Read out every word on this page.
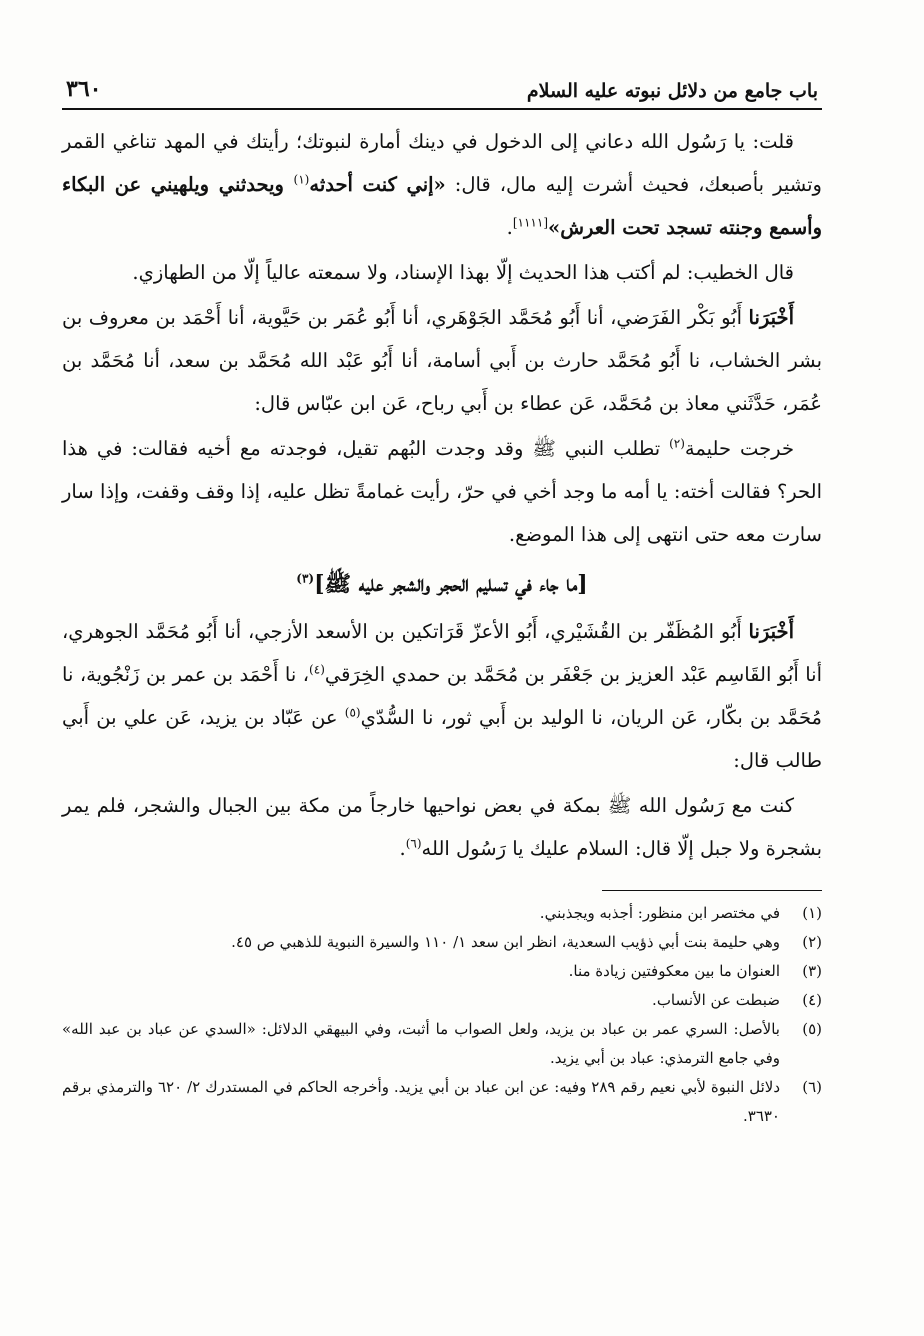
باب جامع من دلائل نبوته عليه السلام
٣٦٠

قلت: يا رَسُول الله دعاني إلى الدخول في دينك أمارة لنبوتك؛ رأيتك في المهد تناغي القمر وتشير بأصبعك، فحيث أشرت إليه مال، قال: «إني كنت أحدثه$^{(١)}$ ويحدثني ويلهيني عن البكاء وأسمع وجنته تسجد تحت العرش»[١١١١].

قال الخطيب: لم أكتب هذا الحديث إلّا بهذا الإسناد، ولا سمعته عالياً إلّا من الطهازي.

أَخْبَرَنا أَبُو بَكْر الفَرَضي، أنا أَبُو مُحَمَّد الجَوْهَري، أنا أَبُو عُمَر بن حَيَّوية، أنا أَحْمَد بن معروف بن بشر الخشاب، نا أَبُو مُحَمَّد حارث بن أَبي أسامة، أنا أَبُو عَبْد الله مُحَمَّد بن سعد، أنا مُحَمَّد بن عُمَر، حَدَّثَني معاذ بن مُحَمَّد، عَن عطاء بن أَبي رباح، عَن ابن عبّاس قال:

خرجت حليمة$^{(٢)}$ تطلب النبي ﷺ وقد وجدت البُهم تقيل، فوجدته مع أخيه فقالت: في هذا الحر؟ فقالت أخته: يا أمه ما وجد أخي في حرّ، رأيت غمامةً تظل عليه، إذا وقف وقفت، وإذا سار سارت معه حتى انتهى إلى هذا الموضع.

[ما جاء في تسليم الحجر والشجر عليه ﷺ]$^{(٣)}$

أَخْبَرَنا أَبُو المُظَفّر بن القُشَيْري، أَبُو الأعزّ قَرَاتكين بن الأسعد الأزجي، أنا أَبُو مُحَمَّد الجوهري، أنا أَبُو القَاسِم عَبْد العزيز بن جَعْفَر بن مُحَمَّد بن حمدي الخِرَقي$^{(٤)}$، نا أَحْمَد بن عمر بن زَنْجُوية، نا مُحَمَّد بن بكّار، عَن الريان، نا الوليد بن أَبي ثور، نا السُّدّي$^{(٥)}$ عن عَبّاد بن يزيد، عَن علي بن أَبي طالب قال:

كنت مع رَسُول الله ﷺ بمكة في بعض نواحيها خارجاً من مكة بين الجبال والشجر، فلم يمر بشجرة ولا جبل إلّا قال: السلام عليك يا رَسُول الله$^{(٦)}$.

(١)
في مختصر ابن منظور: أجذبه ويجذبني.
(٢)
وهي حليمة بنت أبي ذؤيب السعدية، انظر ابن سعد ١/ ١١٠ والسيرة النبوية للذهبي ص ٤٥.
(٣)
العنوان ما بين معكوفتين زيادة منا.
(٤)
ضبطت عن الأنساب.
(٥)
بالأصل: السري عمر بن عباد بن يزيد، ولعل الصواب ما أثبت، وفي البيهقي الدلائل: «السدي عن عباد بن عبد الله» وفي جامع الترمذي: عباد بن أبي يزيد.
(٦)
دلائل النبوة لأبي نعيم رقم ٢٨٩ وفيه: عن ابن عباد بن أبي يزيد. وأخرجه الحاكم في المستدرك ٢/ ٦٢٠ والترمذي برقم ٣٦٣٠.
